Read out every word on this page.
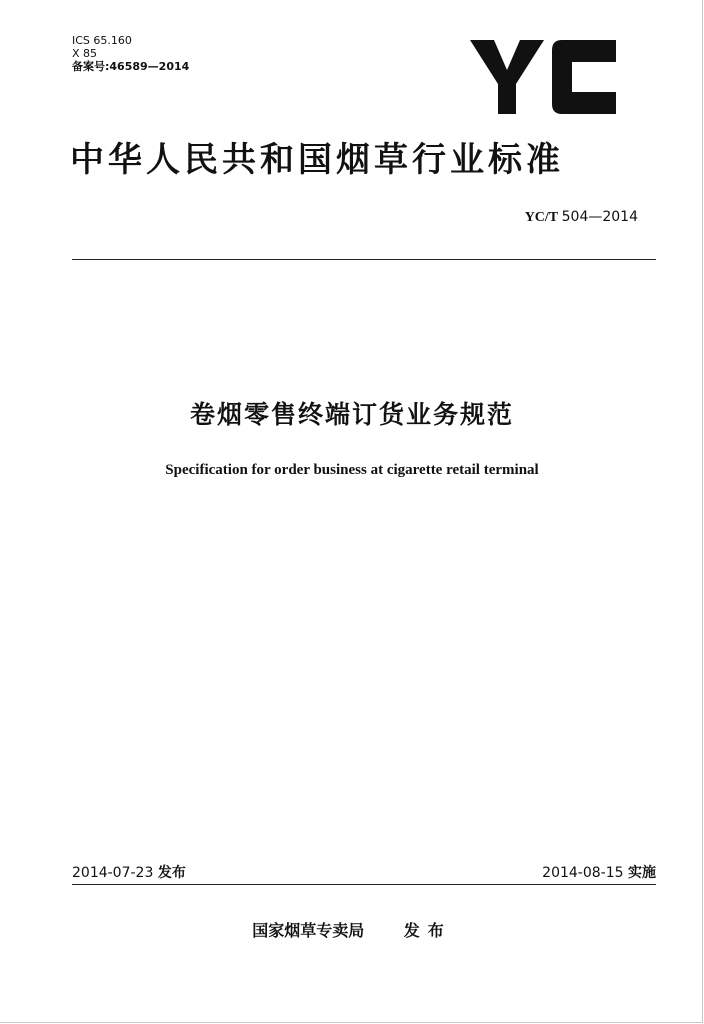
ICS 65.160
X 85
备案号:46589—2014
中华人民共和国烟草行业标准
YC/T 504—2014
卷烟零售终端订货业务规范
Specification for order business at cigarette retail terminal
2014-07-23 发布	2014-08-15 实施
国家烟草专卖局 发布
